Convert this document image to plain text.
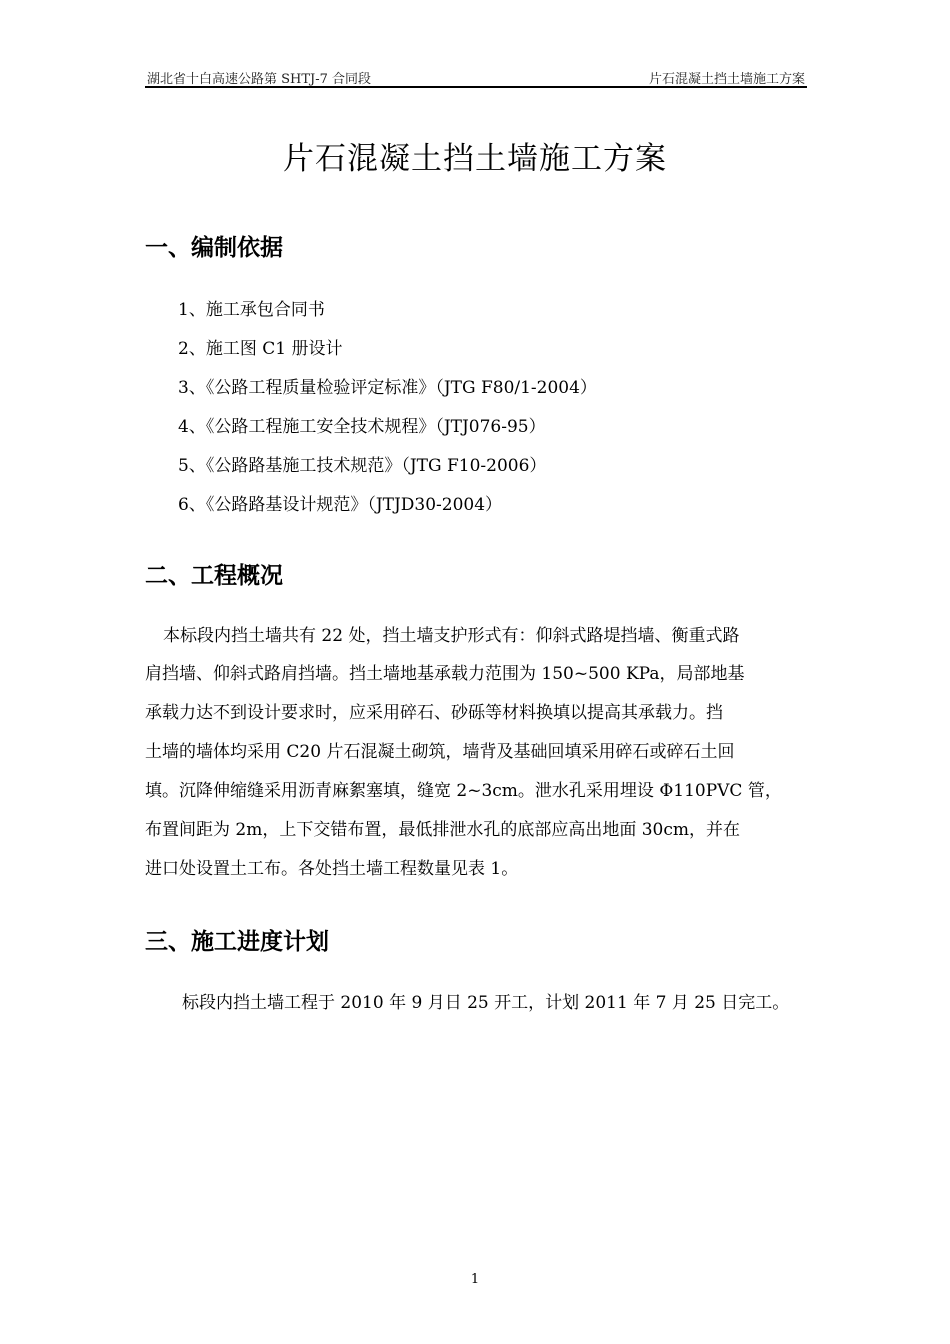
湖北省十白高速公路第 SHTJ-7 合同段	片石混凝土挡土墙施工方案
片石混凝土挡土墙施工方案
一、编制依据
1、施工承包合同书
2、施工图 C1 册设计
3、《公路工程质量检验评定标准》（JTG F80/1-2004）
4、《公路工程施工安全技术规程》（JTJ076-95）
5、《公路路基施工技术规范》（JTG F10-2006）
6、《公路路基设计规范》（JTJD30-2004）
二、工程概况
本标段内挡土墙共有 22 处，挡土墙支护形式有：仰斜式路堤挡墙、衡重式路
肩挡墙、仰斜式路肩挡墙。挡土墙地基承载力范围为 150~500 KPa，局部地基
承载力达不到设计要求时，应采用碎石、砂砾等材料换填以提高其承载力。挡
土墙的墙体均采用 C20 片石混凝土砌筑，墙背及基础回填采用碎石或碎石土回
填。沉降伸缩缝采用沥青麻絮塞填，缝宽 2~3cm。泄水孔采用埋设 Φ110PVC 管，
布置间距为 2m，上下交错布置，最低排泄水孔的底部应高出地面 30cm，并在
进口处设置土工布。各处挡土墙工程数量见表 1。
三、施工进度计划
标段内挡土墙工程于 2010 年 9 月日 25 开工，计划 2011 年 7 月 25 日完工。
1
